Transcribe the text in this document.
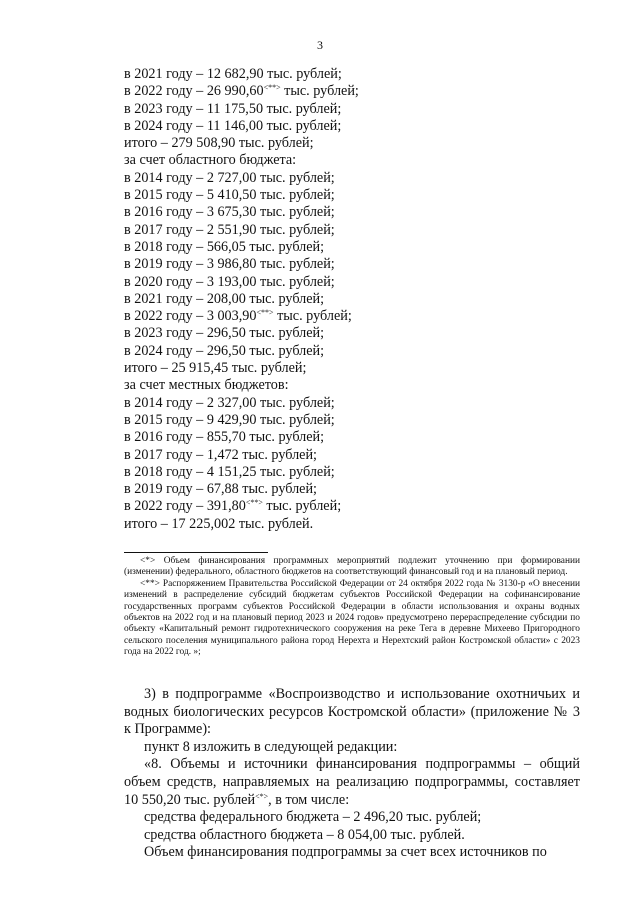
3
в 2021 году – 12 682,90 тыс. рублей;
в 2022 году – 26 990,60<**> тыс. рублей;
в 2023 году – 11 175,50 тыс. рублей;
в 2024 году – 11 146,00 тыс. рублей;
итого – 279 508,90 тыс. рублей;
за счет областного бюджета:
в 2014 году – 2 727,00 тыс. рублей;
в 2015 году – 5 410,50 тыс. рублей;
в 2016 году – 3 675,30 тыс. рублей;
в 2017 году – 2 551,90 тыс. рублей;
в 2018 году – 566,05 тыс. рублей;
в 2019 году – 3 986,80 тыс. рублей;
в 2020 году – 3 193,00 тыс. рублей;
в 2021 году – 208,00 тыс. рублей;
в 2022 году – 3 003,90<**> тыс. рублей;
в 2023 году – 296,50 тыс. рублей;
в 2024 году – 296,50 тыс. рублей;
итого – 25 915,45 тыс. рублей;
за счет местных бюджетов:
в 2014 году – 2 327,00 тыс. рублей;
в 2015 году – 9 429,90 тыс. рублей;
в 2016 году – 855,70 тыс. рублей;
в 2017 году – 1,472 тыс. рублей;
в 2018 году – 4 151,25 тыс. рублей;
в 2019 году – 67,88 тыс. рублей;
в 2022 году – 391,80<**> тыс. рублей;
итого – 17 225,002 тыс. рублей.

<*> Объем финансирования программных мероприятий подлежит уточнению при формировании (изменении) федерального, областного бюджетов на соответствующий финансовый год и на плановый период.

<**> Распоряжением Правительства Российской Федерации от 24 октября 2022 года № 3130-р «О внесении изменений в распределение субсидий бюджетам субъектов Российской Федерации на софинансирование государственных программ субъектов Российской Федерации в области использования и охраны водных объектов на 2022 год и на плановый период 2023 и 2024 годов» предусмотрено перераспределение субсидии по объекту «Капитальный ремонт гидротехнического сооружения на реке Тега в деревне Михеево Пригородного сельского поселения муниципального района город Нерехта и Нерехтский район Костромской области» с 2023 года на 2022 год. »;

3) в подпрограмме «Воспроизводство и использование охотничьих и водных биологических ресурсов Костромской области» (приложение № 3 к Программе):

пункт 8 изложить в следующей редакции:

«8. Объемы и источники финансирования подпрограммы – общий объем средств, направляемых на реализацию подпрограммы, составляет 10 550,20 тыс. рублей<*>, в том числе:

средства федерального бюджета – 2 496,20 тыс. рублей;

средства областного бюджета – 8 054,00 тыс. рублей.

Объем финансирования подпрограммы за счет всех источников по
